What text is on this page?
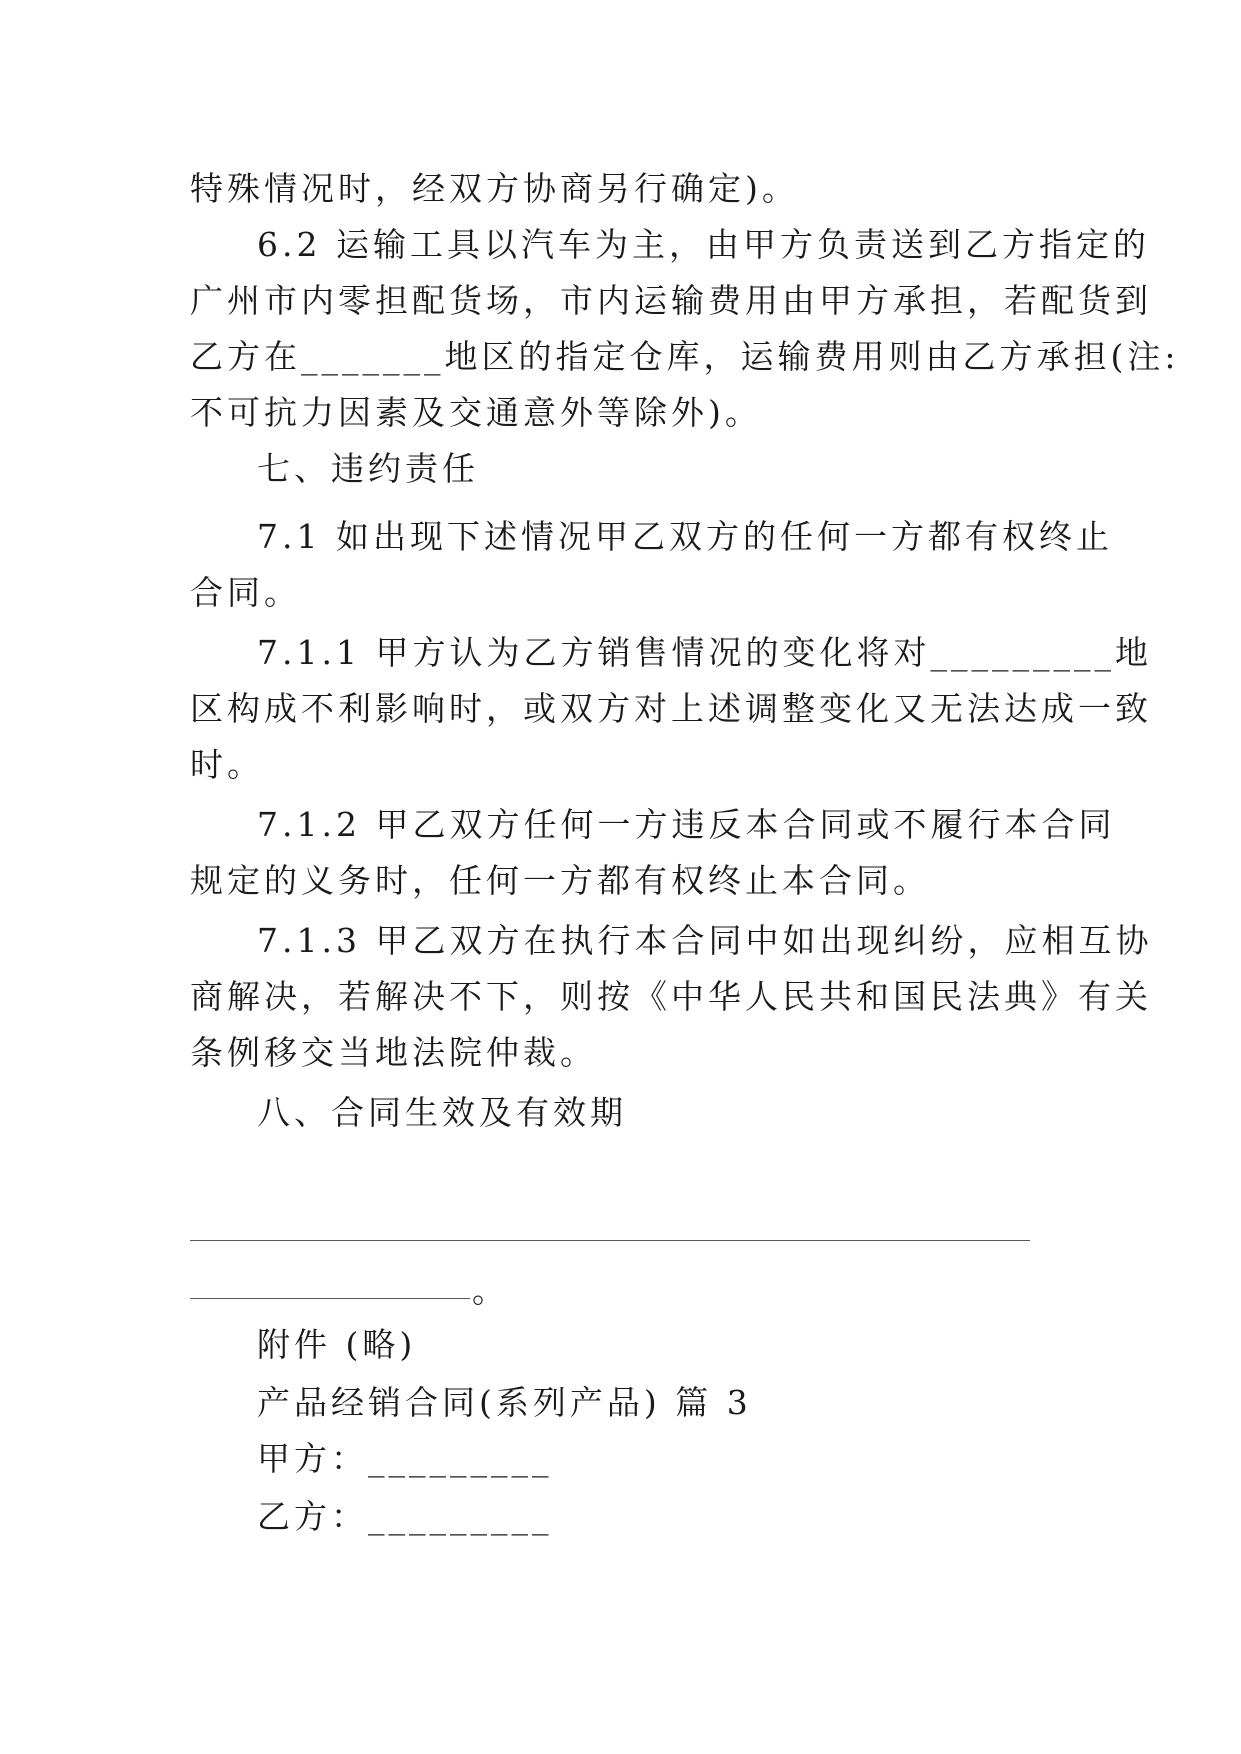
特殊情况时，经双方协商另行确定)。
6.2 运输工具以汽车为主，由甲方负责送到乙方指定的
广州市内零担配货场，市内运输费用由甲方承担，若配货到
乙方在_______地区的指定仓库，运输费用则由乙方承担(注:
不可抗力因素及交通意外等除外)。
七、违约责任
7.1 如出现下述情况甲乙双方的任何一方都有权终止
合同。
7.1.1 甲方认为乙方销售情况的变化将对_________地
区构成不利影响时，或双方对上述调整变化又无法达成一致
时。
7.1.2 甲乙双方任何一方违反本合同或不履行本合同
规定的义务时，任何一方都有权终止本合同。
7.1.3 甲乙双方在执行本合同中如出现纠纷，应相互协
商解决，若解决不下，则按《中华人民共和国民法典》有关
条例移交当地法院仲裁。
八、合同生效及有效期
。
附件 (略)
产品经销合同(系列产品) 篇 3
甲方：_________
乙方：_________
